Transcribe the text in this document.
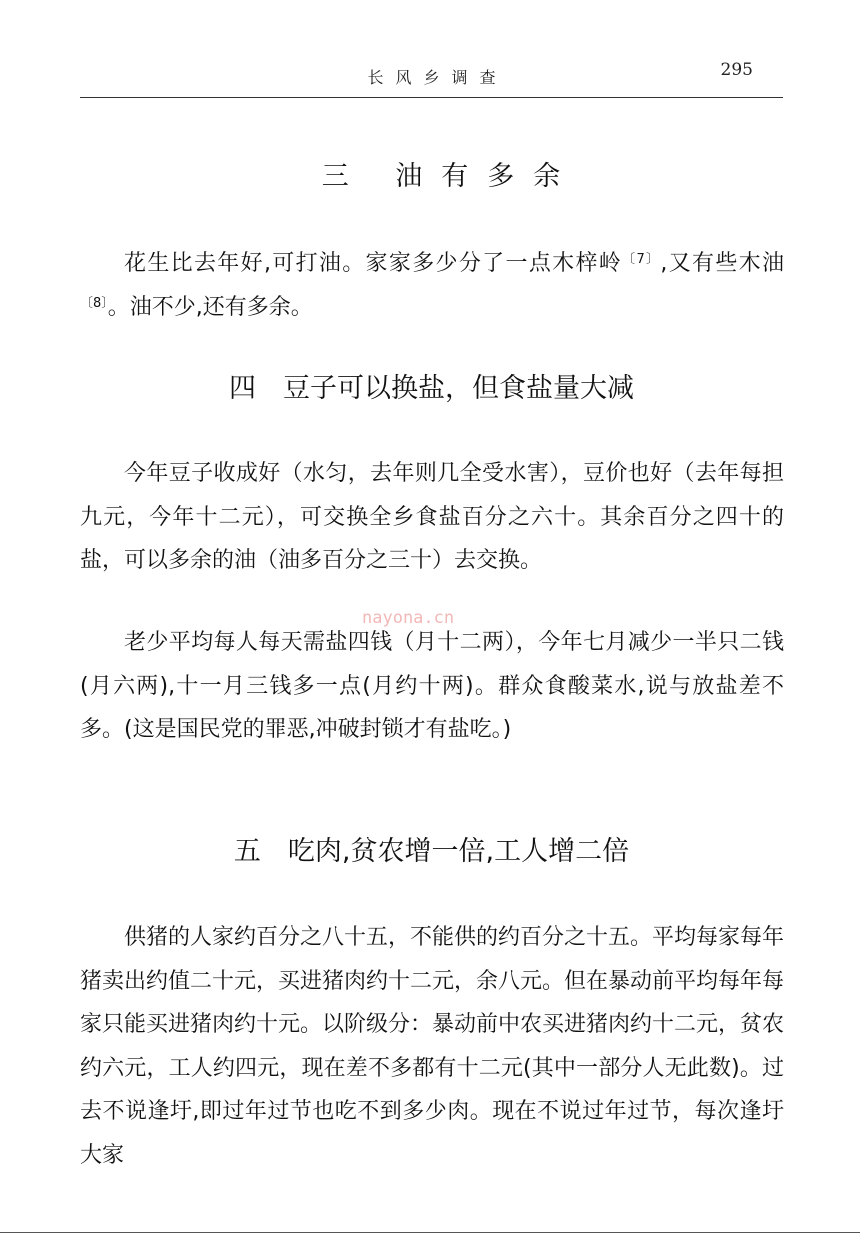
长风乡调查	295
三 油有多余

花生比去年好,可打油。家家多少分了一点木梓岭$^{〔7〕}$,又有些木油$^{〔8〕}$。油不少,还有多余。

四　豆子可以换盐，但食盐量大减

今年豆子收成好（水匀，去年则几全受水害），豆价也好（去年每担九元，今年十二元），可交换全乡食盐百分之六十。其余百分之四十的盐，可以多余的油（油多百分之三十）去交换。

老少平均每人每天需盐四钱（月十二两），今年七月减少一半只二钱(月六两),十一月三钱多一点(月约十两)。群众食酸菜水,说与放盐差不多。(这是国民党的罪恶,冲破封锁才有盐吃。)

nayona.cn
五　吃肉,贫农增一倍,工人增二倍

供猪的人家约百分之八十五，不能供的约百分之十五。平均每家每年猪卖出约值二十元，买进猪肉约十二元，余八元。但在暴动前平均每年每家只能买进猪肉约十元。以阶级分：暴动前中农买进猪肉约十二元，贫农约六元，工人约四元，现在差不多都有十二元(其中一部分人无此数)。过去不说逢圩,即过年过节也吃不到多少肉。现在不说过年过节，每次逢圩大家
